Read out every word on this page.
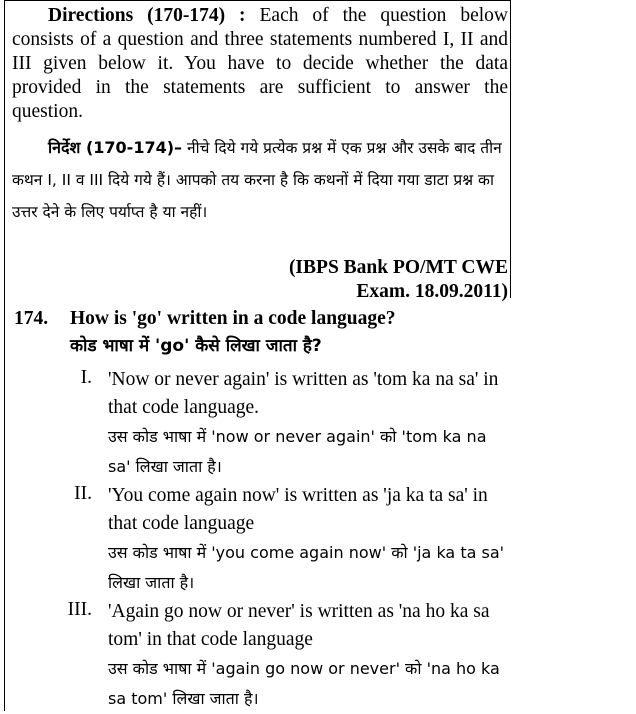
Directions (170-174) : Each of the question below consists of a question and three statements numbered I, II and III given below it. You have to decide whether the data provided in the statements are sufficient to answer the question.
निर्देश (170-174)– नीचे दिये गये प्रत्येक प्रश्न में एक प्रश्न और उसके बाद तीन कथन I, II व III दिये गये हैं। आपको तय करना है कि कथनों में दिया गया डाटा प्रश्न का उत्तर देने के लिए पर्याप्त है या नहीं।
(IBPS Bank PO/MT CWE
Exam. 18.09.2011)
174. How is 'go' written in a code language?
कोड भाषा में 'go' कैसे लिखा जाता है?
I. 'Now or never again' is written as 'tom ka na sa' in that code language.
उस कोड भाषा में 'now or never again' को 'tom ka na sa' लिखा जाता है।
II. 'You come again now' is written as 'ja ka ta sa' in that code language
उस कोड भाषा में 'you come again now' को 'ja ka ta sa' लिखा जाता है।
III. 'Again go now or never' is written as 'na ho ka sa tom' in that code language
उस कोड भाषा में 'again go now or never' को 'na ho ka sa tom' लिखा जाता है।
